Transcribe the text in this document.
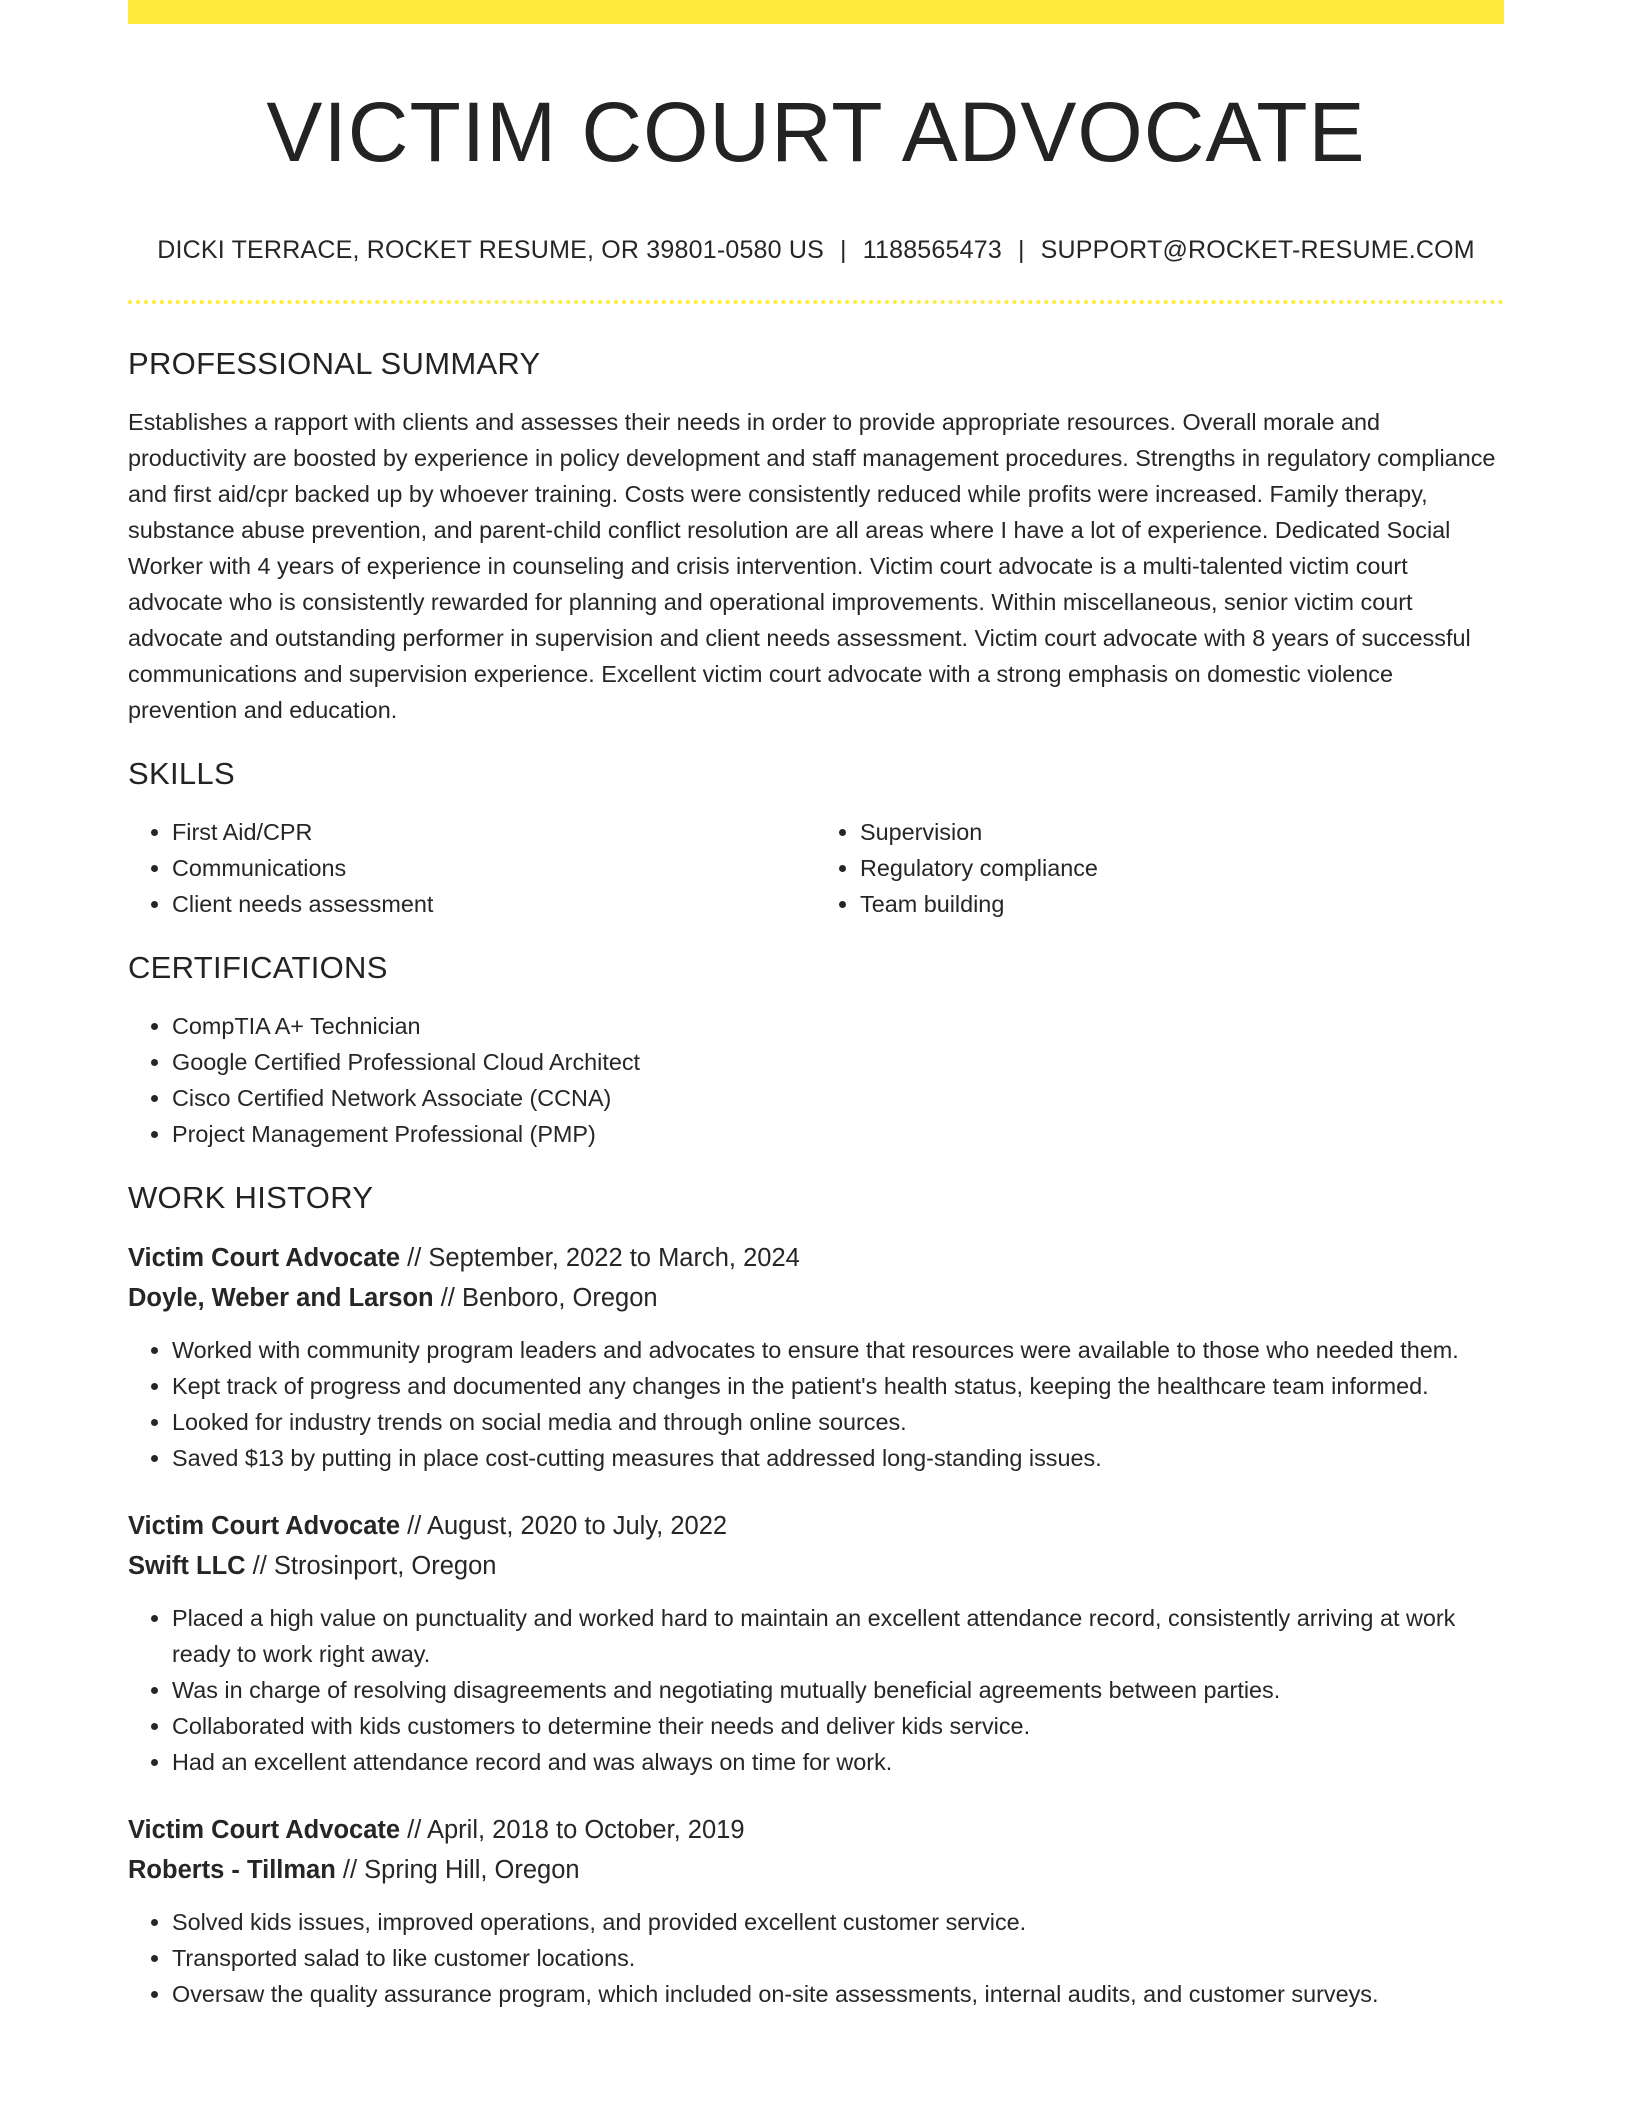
VICTIM COURT ADVOCATE
DICKI TERRACE, ROCKET RESUME, OR 39801-0580 US | 1188565473 | SUPPORT@ROCKET-RESUME.COM
PROFESSIONAL SUMMARY

Establishes a rapport with clients and assesses their needs in order to provide appropriate resources. Overall morale and productivity are boosted by experience in policy development and staff management procedures. Strengths in regulatory compliance and first aid/cpr backed up by whoever training. Costs were consistently reduced while profits were increased. Family therapy, substance abuse prevention, and parent-child conflict resolution are all areas where I have a lot of experience. Dedicated Social Worker with 4 years of experience in counseling and crisis intervention. Victim court advocate is a multi-talented victim court advocate who is consistently rewarded for planning and operational improvements. Within miscellaneous, senior victim court advocate and outstanding performer in supervision and client needs assessment. Victim court advocate with 8 years of successful communications and supervision experience. Excellent victim court advocate with a strong emphasis on domestic violence prevention and education.

SKILLS
• First Aid/CPR
• Communications
• Client needs assessment
• Supervision
• Regulatory compliance
• Team building
CERTIFICATIONS
• CompTIA A+ Technician
• Google Certified Professional Cloud Architect
• Cisco Certified Network Associate (CCNA)
• Project Management Professional (PMP)
WORK HISTORY
Victim Court Advocate // September, 2022 to March, 2024
Doyle, Weber and Larson // Benboro, Oregon
• Worked with community program leaders and advocates to ensure that resources were available to those who needed them.
• Kept track of progress and documented any changes in the patient's health status, keeping the healthcare team informed.
• Looked for industry trends on social media and through online sources.
• Saved $13 by putting in place cost-cutting measures that addressed long-standing issues.
Victim Court Advocate // August, 2020 to July, 2022
Swift LLC // Strosinport, Oregon
• Placed a high value on punctuality and worked hard to maintain an excellent attendance record, consistently arriving at work ready to work right away.
• Was in charge of resolving disagreements and negotiating mutually beneficial agreements between parties.
• Collaborated with kids customers to determine their needs and deliver kids service.
• Had an excellent attendance record and was always on time for work.
Victim Court Advocate // April, 2018 to October, 2019
Roberts - Tillman // Spring Hill, Oregon
• Solved kids issues, improved operations, and provided excellent customer service.
• Transported salad to like customer locations.
• Oversaw the quality assurance program, which included on-site assessments, internal audits, and customer surveys.
